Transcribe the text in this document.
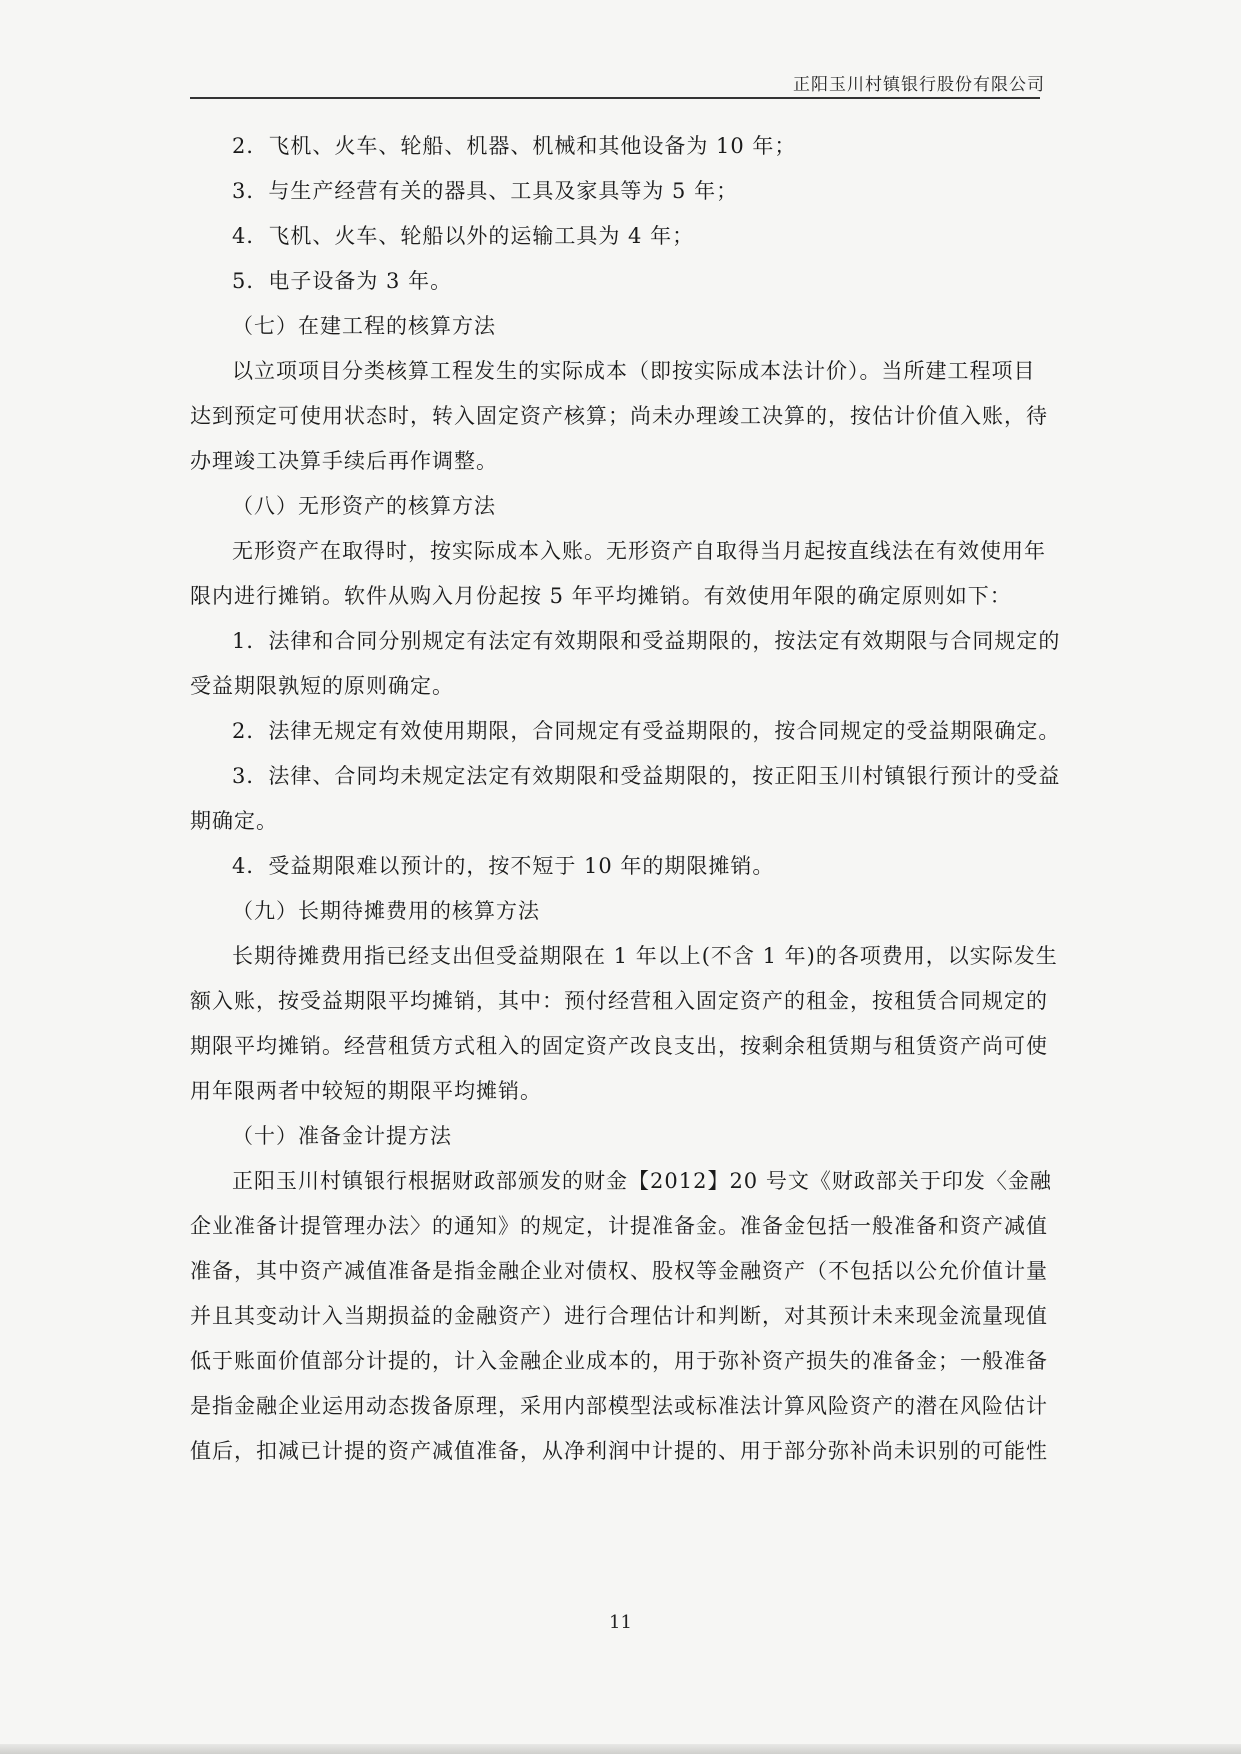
正阳玉川村镇银行股份有限公司
2．飞机、火车、轮船、机器、机械和其他设备为 10 年；
3．与生产经营有关的器具、工具及家具等为 5 年；
4．飞机、火车、轮船以外的运输工具为 4 年；
5．电子设备为 3 年。
（七）在建工程的核算方法
以立项项目分类核算工程发生的实际成本（即按实际成本法计价）。当所建工程项目
达到预定可使用状态时，转入固定资产核算；尚未办理竣工决算的，按估计价值入账，待
办理竣工决算手续后再作调整。
（八）无形资产的核算方法
无形资产在取得时，按实际成本入账。无形资产自取得当月起按直线法在有效使用年
限内进行摊销。软件从购入月份起按 5 年平均摊销。有效使用年限的确定原则如下：
1．法律和合同分别规定有法定有效期限和受益期限的，按法定有效期限与合同规定的
受益期限孰短的原则确定。
2．法律无规定有效使用期限，合同规定有受益期限的，按合同规定的受益期限确定。
3．法律、合同均未规定法定有效期限和受益期限的，按正阳玉川村镇银行预计的受益
期确定。
4．受益期限难以预计的，按不短于 10 年的期限摊销。
（九）长期待摊费用的核算方法
长期待摊费用指已经支出但受益期限在 1 年以上(不含 1 年)的各项费用，以实际发生
额入账，按受益期限平均摊销，其中：预付经营租入固定资产的租金，按租赁合同规定的
期限平均摊销。经营租赁方式租入的固定资产改良支出，按剩余租赁期与租赁资产尚可使
用年限两者中较短的期限平均摊销。
（十）准备金计提方法
正阳玉川村镇银行根据财政部颁发的财金【2012】20 号文《财政部关于印发〈金融
企业准备计提管理办法〉的通知》的规定，计提准备金。准备金包括一般准备和资产减值
准备，其中资产减值准备是指金融企业对债权、股权等金融资产（不包括以公允价值计量
并且其变动计入当期损益的金融资产）进行合理估计和判断，对其预计未来现金流量现值
低于账面价值部分计提的，计入金融企业成本的，用于弥补资产损失的准备金；一般准备
是指金融企业运用动态拨备原理，采用内部模型法或标准法计算风险资产的潜在风险估计
值后，扣减已计提的资产减值准备，从净利润中计提的、用于部分弥补尚未识别的可能性
11
